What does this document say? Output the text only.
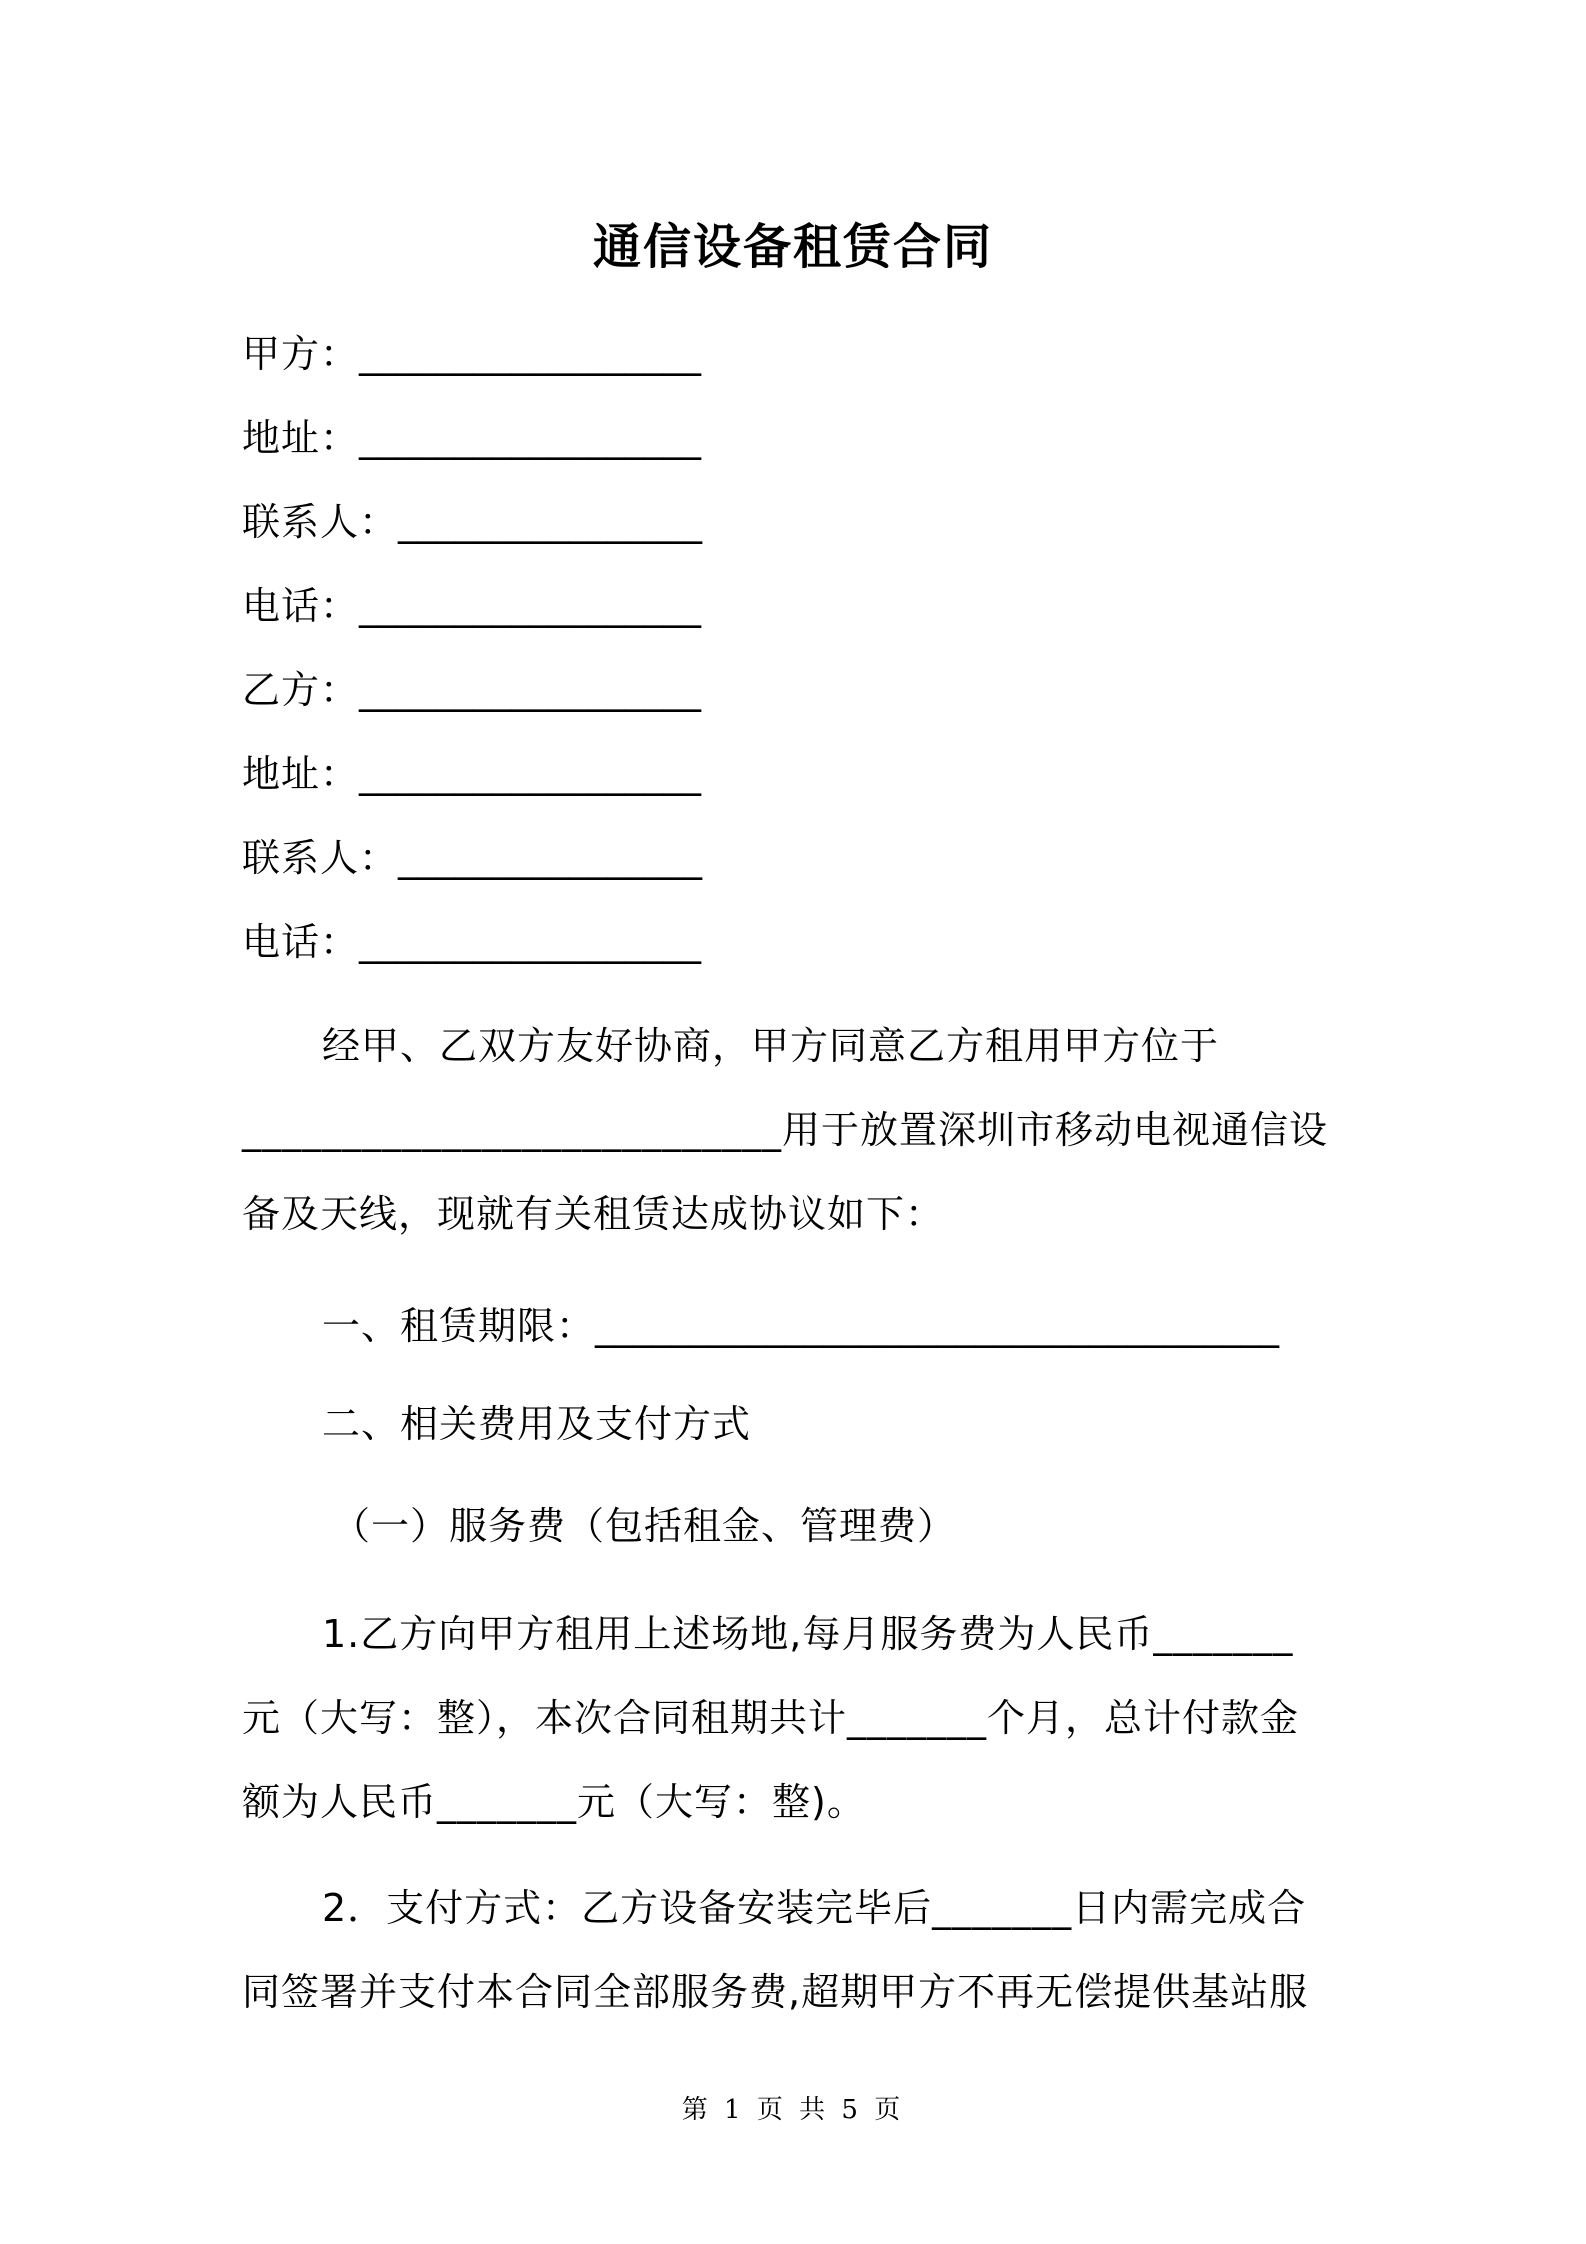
通信设备租赁合同
甲方：__________________
地址：__________________
联系人：________________
电话：__________________
乙方：__________________
地址：__________________
联系人：________________
电话：__________________
经甲、乙双方友好协商，甲方同意乙方租用甲方位于
___________________________用于放置深圳市移动电视通信设
备及天线，现就有关租赁达成协议如下：
一、租赁期限：____________________________________
二、相关费用及支付方式
（一）服务费（包括租金、管理费）
1.乙方向甲方租用上述场地,每月服务费为人民币_______
元（大写：整），本次合同租期共计_______个月，总计付款金
额为人民币_______元（大写：整)。
2．支付方式：乙方设备安装完毕后_______日内需完成合
同签署并支付本合同全部服务费,超期甲方不再无偿提供基站服
第 1 页 共 5 页
